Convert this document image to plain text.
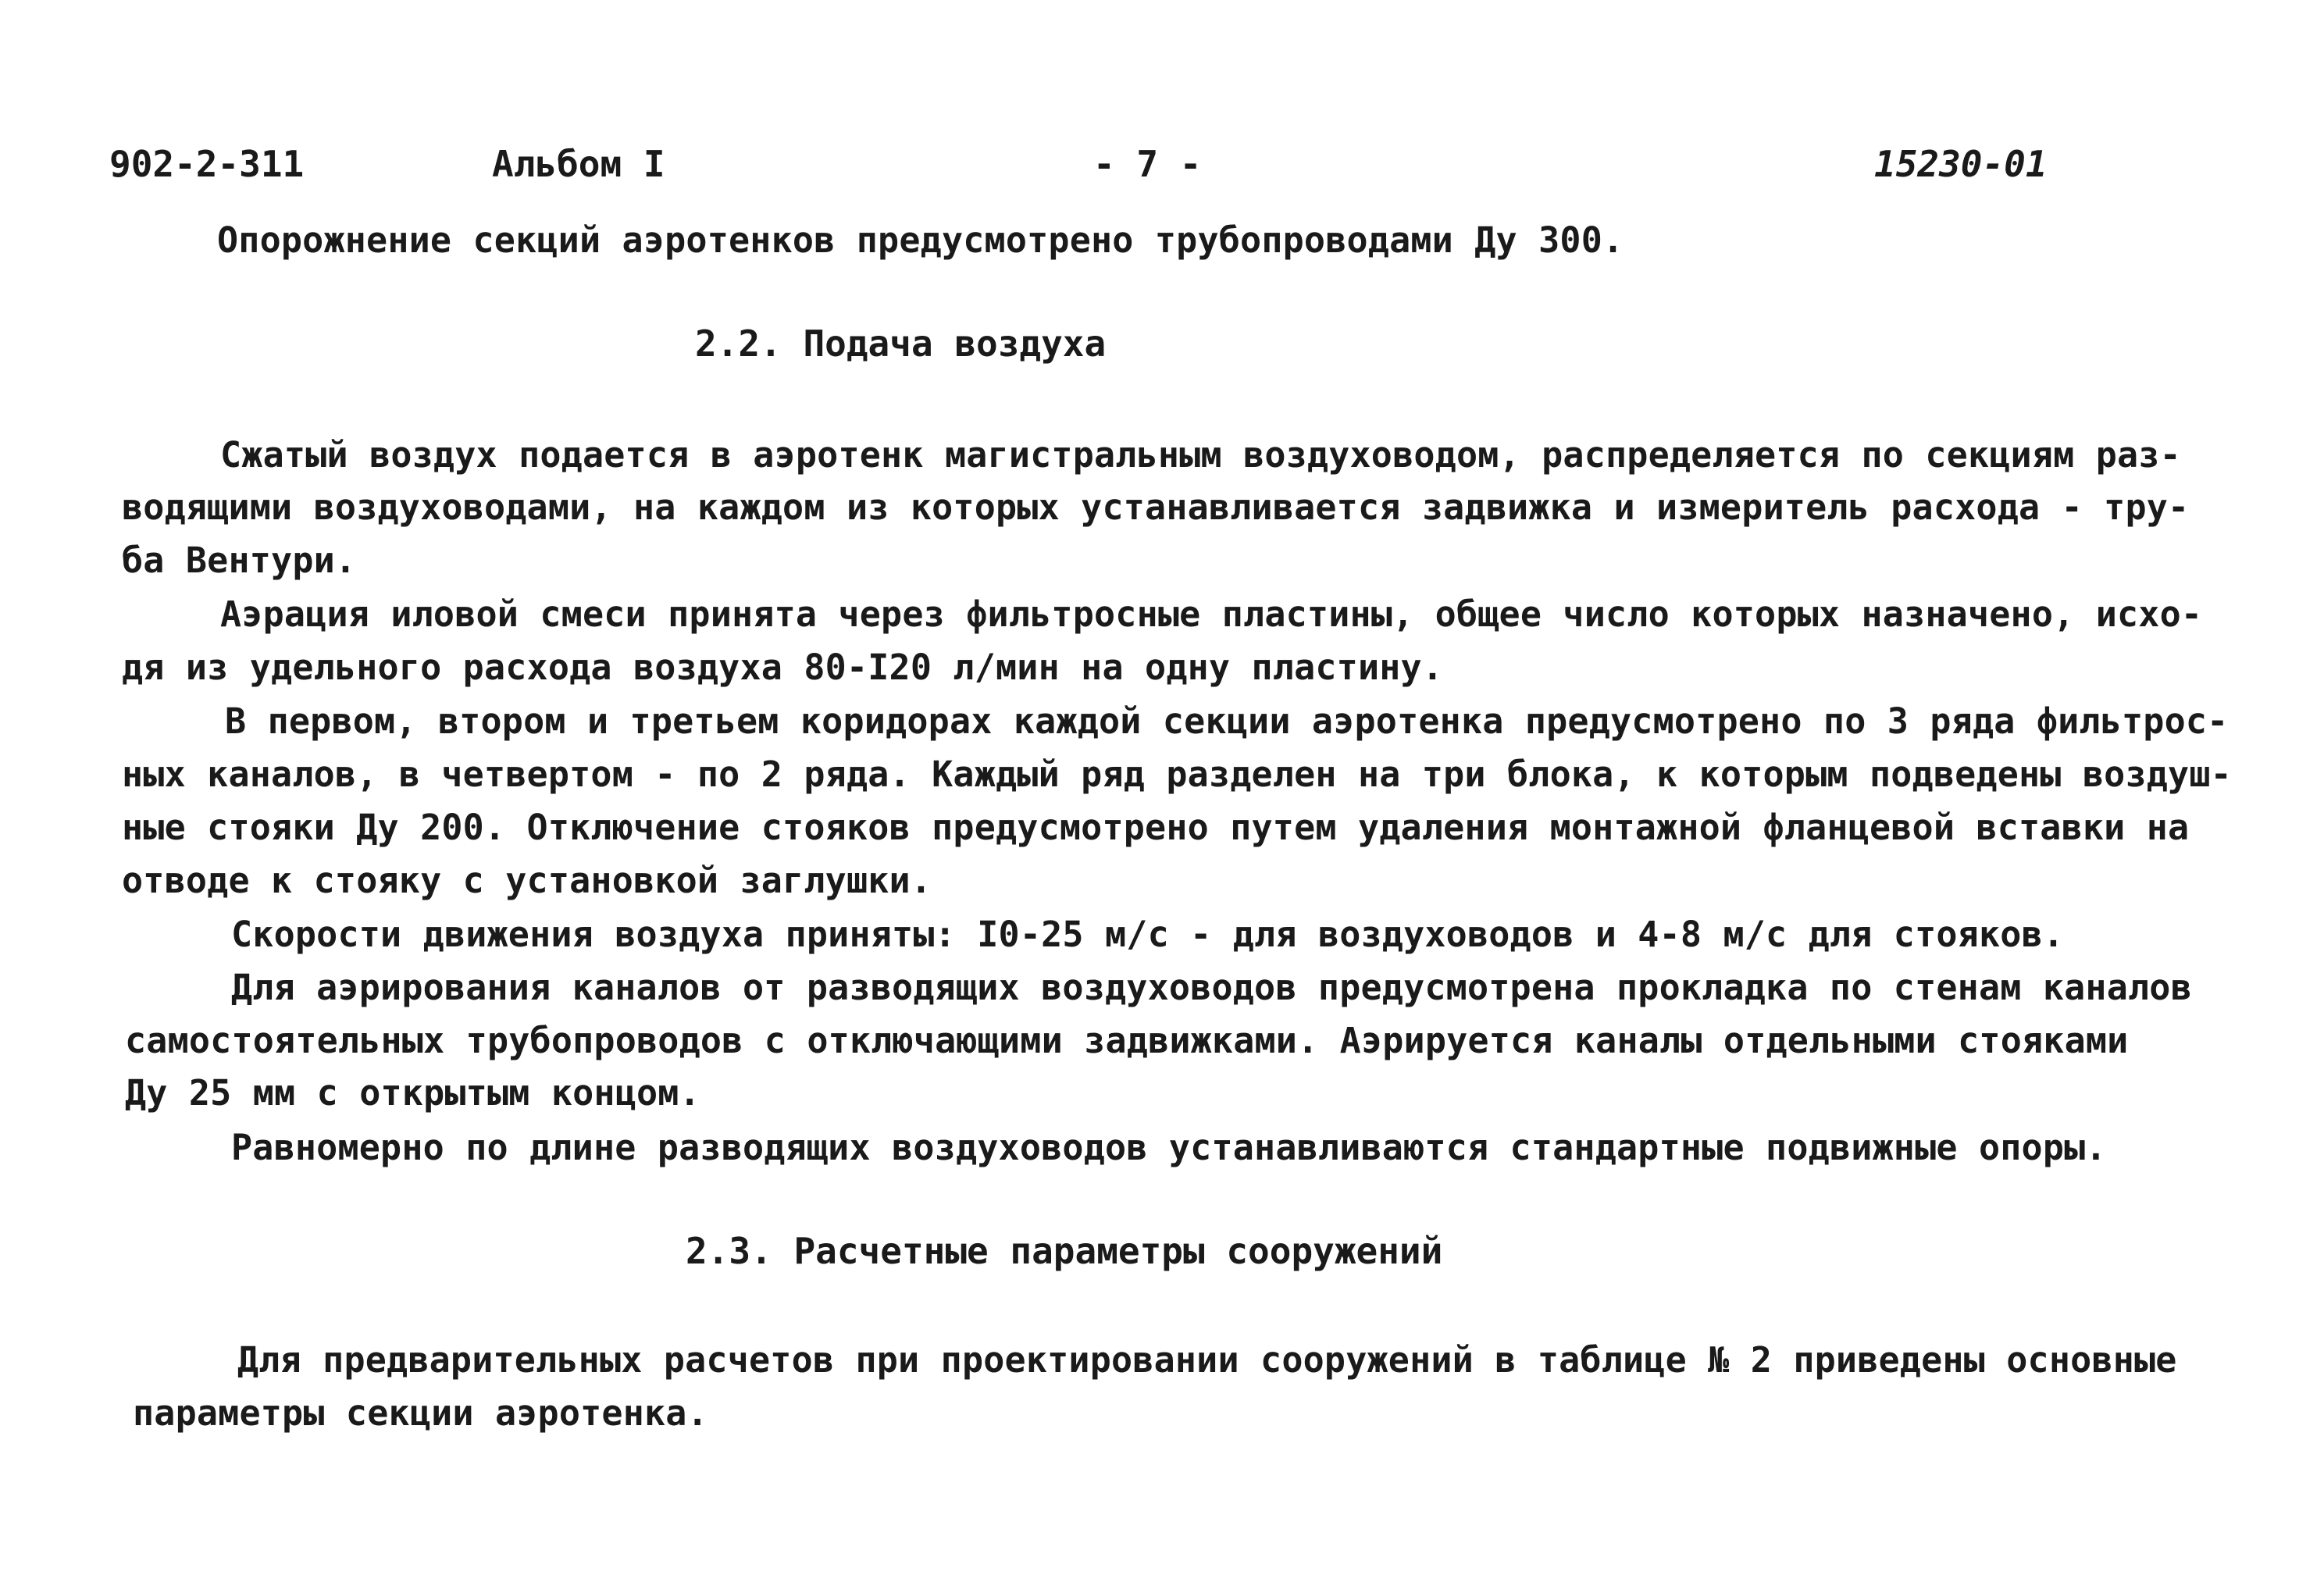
902-2-311	Альбом I	- 7 -	15230-01
Опорожнение секций аэротенков предусмотрено трубопроводами Ду 300.
2.2. Подача воздуха
Сжатый воздух подается в аэротенк магистральным воздуховодом, распределяется по секциям раз-
водящими воздуховодами, на каждом из которых устанавливается задвижка и измеритель расхода - тру-
ба Вентури.
Аэрация иловой смеси принята через фильтросные пластины, общее число которых назначено, исхо-
дя из удельного расхода воздуха 80-I20 л/мин на одну пластину.
В первом, втором и третьем коридорах каждой секции аэротенка предусмотрено по 3 ряда фильтрос-
ных каналов, в четвертом - по 2 ряда. Каждый ряд разделен на три блока, к которым подведены воздуш-
ные стояки Ду 200. Отключение стояков предусмотрено путем удаления монтажной фланцевой вставки на
отводе к стояку с установкой заглушки.
Скорости движения воздуха приняты: I0-25 м/с - для воздуховодов и 4-8 м/с для стояков.
Для аэрирования каналов от разводящих воздуховодов предусмотрена прокладка по стенам каналов
самостоятельных трубопроводов с отключающими задвижками. Аэрируется каналы отдельными стояками
Ду 25 мм с открытым концом.
Равномерно по длине разводящих воздуховодов устанавливаются стандартные подвижные опоры.
2.3. Расчетные параметры сооружений
Для предварительных расчетов при проектировании сооружений в таблице № 2 приведены основные
параметры секции аэротенка.
